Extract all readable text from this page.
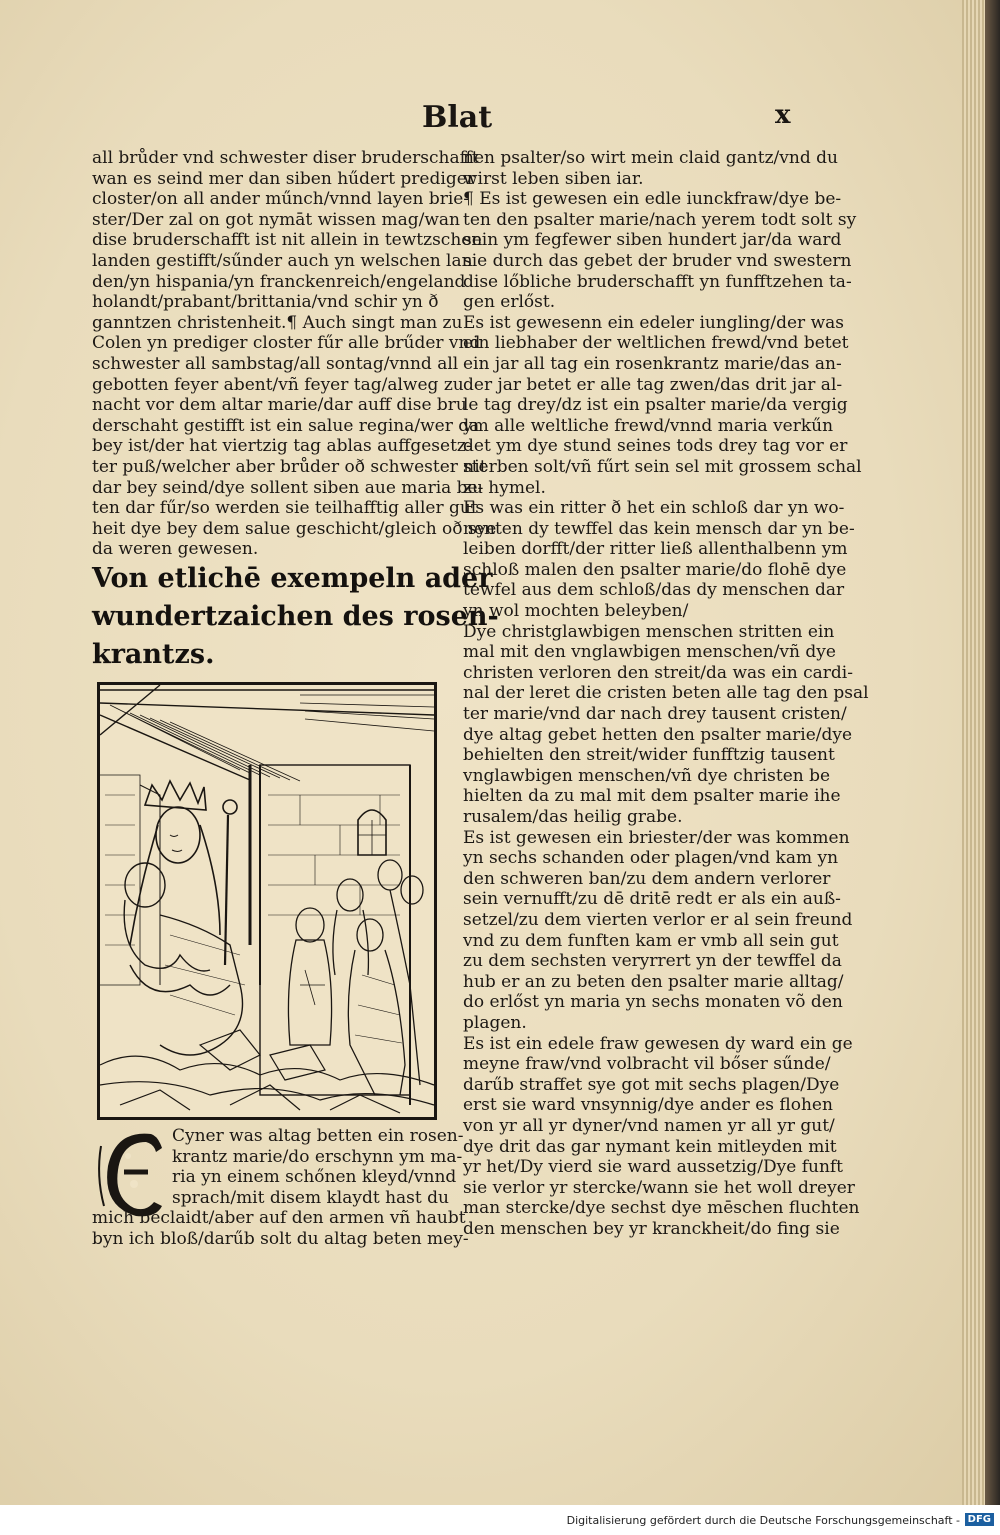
Blat	x

all brůder vnd schwester diser bruderschafft

wan es seind mer dan siben hűdert prediger

closter/on all ander műnch/vnnd layen brie-

ster/Der zal on got nymāt wissen mag/wan

dise bruderschafft ist nit allein in tewtzschen

landen gestifft/sűnder auch yn welschen lan

den/yn hispania/yn franckenreich/engeland

holandt/prabant/brittania/vnd schir yn ð

ganntzen christenheit.¶ Auch singt man zu

Colen yn prediger closter fűr alle brűder vnd

schwester all sambstag/all sontag/vnnd all

gebotten feyer abent/vñ feyer tag/alweg zu

nacht vor dem altar marie/dar auff dise bru

derschaht gestifft ist ein salue regina/wer da

bey ist/der hat viertzig tag ablas auffgesetz-

ter puß/welcher aber brůder oð schwester nit

dar bey seind/dye sollent siben aue maria be-

ten dar fűr/so werden sie teilhafftig aller gut

heit dye bey dem salue geschicht/gleich oð sye

da weren gewesen.

Von etlichē exempeln ader

wundertzaichen des rosen-

krantzs.

Cyner was altag betten ein rosen-

krantz marie/do erschynn ym ma-

ria yn einem schőnen kleyd/vnnd

sprach/mit disem klaydt hast du

mich beclaidt/aber auf den armen vñ haubt

byn ich bloß/darűb solt du altag beten mey-

nen psalter/so wirt mein claid gantz/vnd du

wirst leben siben iar.

¶ Es ist gewesen ein edle iunckfraw/dye be-

ten den psalter marie/nach yerem todt solt sy

sein ym fegfewer siben hundert jar/da ward

sie durch das gebet der bruder vnd swestern

dise lőbliche bruderschafft yn funfftzehen ta-

gen erlőst.

Es ist gewesenn ein edeler iungling/der was

ein liebhaber der weltlichen frewd/vnd betet

ein jar all tag ein rosenkrantz marie/das an-

der jar betet er alle tag zwen/das drit jar al-

le tag drey/dz ist ein psalter marie/da vergig

ym alle weltliche frewd/vnnd maria verkűn

det ym dye stund seines tods drey tag vor er

sterben solt/vñ fűrt sein sel mit grossem schal

zu hymel.

Es was ein ritter ð het ein schloß dar yn wo-

nenten dy tewffel das kein mensch dar yn be-

leiben dorfft/der ritter ließ allenthalbenn ym

schloß malen den psalter marie/do flohē dye

tewfel aus dem schloß/das dy menschen dar

yn wol mochten beleyben/

Dye christglawbigen menschen stritten ein

mal mit den vnglawbigen menschen/vñ dye

christen verloren den streit/da was ein cardi-

nal der leret die cristen beten alle tag den psal

ter marie/vnd dar nach drey tausent cristen/

dye altag gebet hetten den psalter marie/dye

behielten den streit/wider funfftzig tausent

vnglawbigen menschen/vñ dye christen be

hielten da zu mal mit dem psalter marie ihe

rusalem/das heilig grabe.

Es ist gewesen ein briester/der was kommen

yn sechs schanden oder plagen/vnd kam yn

den schweren ban/zu dem andern verlorer

sein vernufft/zu dē dritē redt er als ein auß-

setzel/zu dem vierten verlor er al sein freund

vnd zu dem funften kam er vmb all sein gut

zu dem sechsten veryrrert yn der tewffel da

hub er an zu beten den psalter marie alltag/

do erlőst yn maria yn sechs monaten võ den

plagen.

Es ist ein edele fraw gewesen dy ward ein ge

meyne fraw/vnd volbracht vil bőser sűnde/

darűb straffet sye got mit sechs plagen/Dye

erst sie ward vnsynnig/dye ander es flohen

von yr all yr dyner/vnd namen yr all yr gut/

dye drit das gar nymant kein mitleyden mit

yr het/Dy vierd sie ward aussetzig/Dye funft

sie verlor yr stercke/wann sie het woll dreyer

man stercke/dye sechst dye mēschen fluchten

den menschen bey yr kranckheit/do fing sie

Digitalisierung gefördert durch die Deutsche Forschungsgemeinschaft - DFG
